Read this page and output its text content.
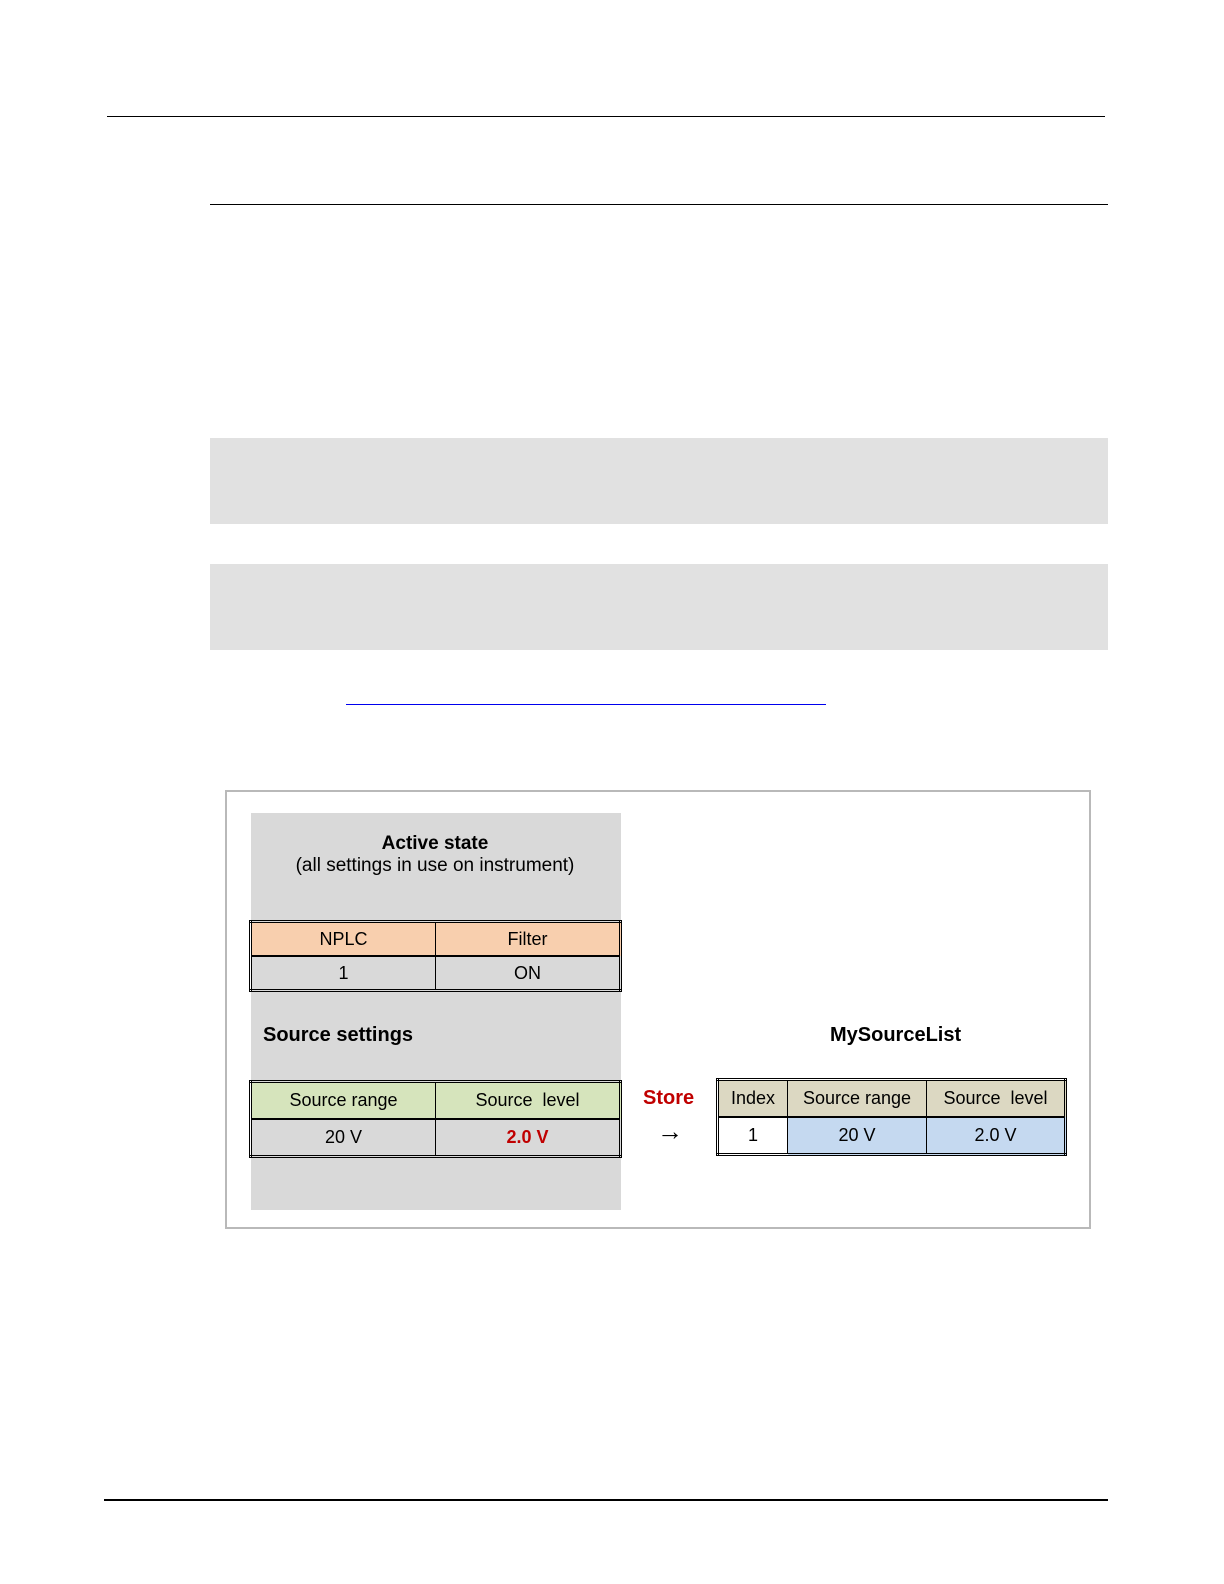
Active state
(all settings in use on instrument)
NPLC	Filter
1	ON
Source settings
Source range	Source  level
20 V	2.0 V
Store
→
MySourceList
Index	Source range	Source  level
1	20 V	2.0 V
